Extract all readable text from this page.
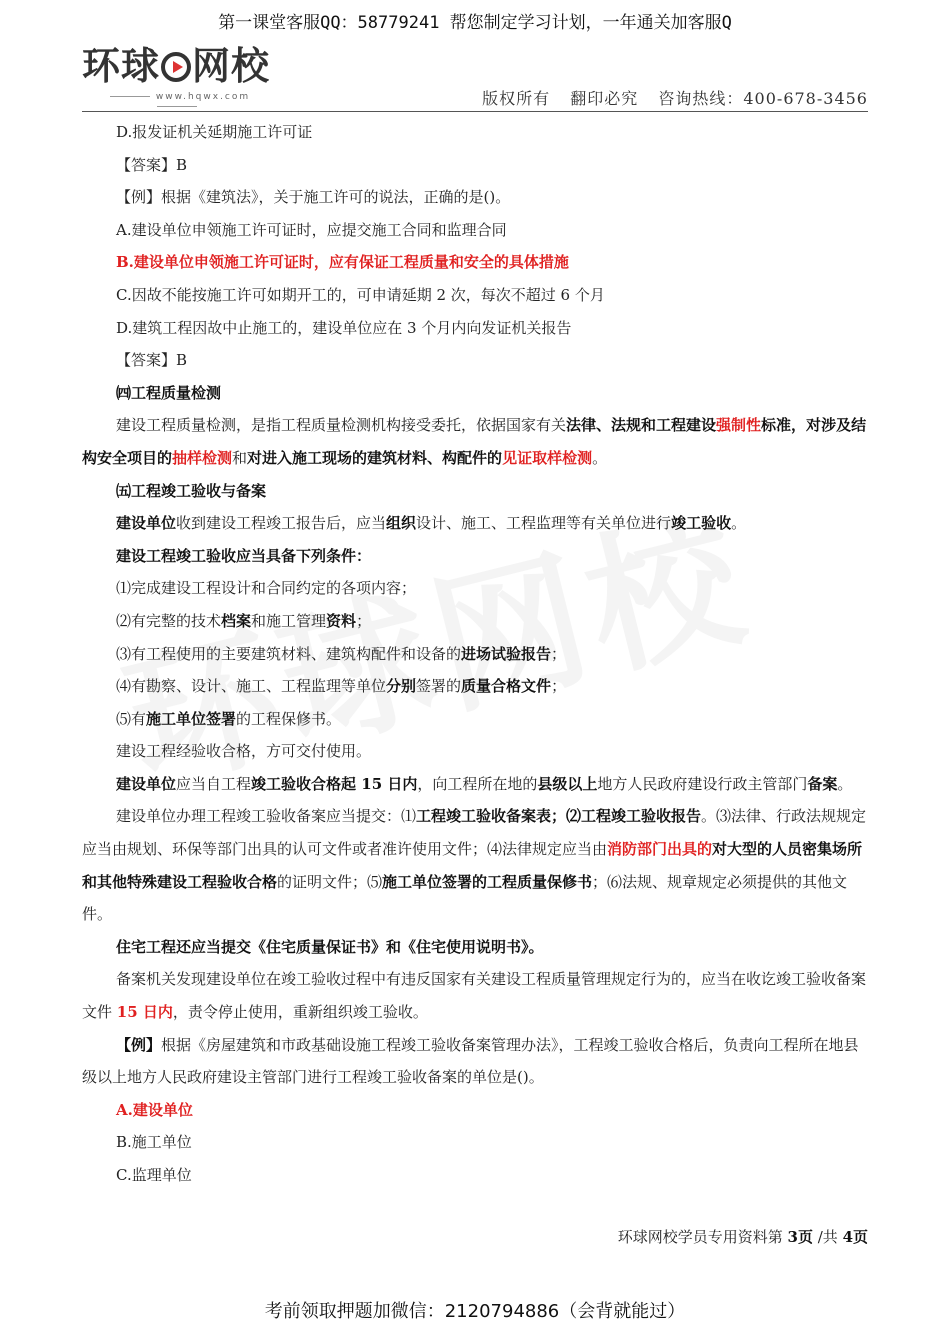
第一课堂客服QQ：58779241 帮您制定学习计划，一年通关加客服Q
环球 网校
www.hqwx.com	版权所有 翻印必究 咨询热线：400-678-3456

D.报发证机关延期施工许可证

【答案】B

【例】根据《建筑法》，关于施工许可的说法，正确的是()。

A.建设单位申领施工许可证时，应提交施工合同和监理合同

B.建设单位申领施工许可证时，应有保证工程质量和安全的具体措施

C.因故不能按施工许可如期开工的，可申请延期 2 次，每次不超过 6 个月

D.建筑工程因故中止施工的，建设单位应在 3 个月内向发证机关报告

【答案】B

㈣工程质量检测

建设工程质量检测，是指工程质量检测机构接受委托，依据国家有关法律、法规和工程建设强制性标准，对涉及结构安全项目的抽样检测和对进入施工现场的建筑材料、构配件的见证取样检测。

㈤工程竣工验收与备案

建设单位收到建设工程竣工报告后，应当组织设计、施工、工程监理等有关单位进行竣工验收。

建设工程竣工验收应当具备下列条件：

⑴完成建设工程设计和合同约定的各项内容；

⑵有完整的技术档案和施工管理资料；

⑶有工程使用的主要建筑材料、建筑构配件和设备的进场试验报告；

⑷有勘察、设计、施工、工程监理等单位分别签署的质量合格文件；

⑸有施工单位签署的工程保修书。

建设工程经验收合格，方可交付使用。

建设单位应当自工程竣工验收合格起 15 日内，向工程所在地的县级以上地方人民政府建设行政主管部门备案。

建设单位办理工程竣工验收备案应当提交：⑴工程竣工验收备案表；⑵工程竣工验收报告。⑶法律、行政法规规定应当由规划、环保等部门出具的认可文件或者准许使用文件；⑷法律规定应当由消防部门出具的对大型的人员密集场所和其他特殊建设工程验收合格的证明文件；⑸施工单位签署的工程质量保修书；⑹法规、规章规定必须提供的其他文件。

住宅工程还应当提交《住宅质量保证书》和《住宅使用说明书》。

备案机关发现建设单位在竣工验收过程中有违反国家有关建设工程质量管理规定行为的，应当在收讫竣工验收备案文件 15 日内，责令停止使用，重新组织竣工验收。

【例】根据《房屋建筑和市政基础设施工程竣工验收备案管理办法》，工程竣工验收合格后，负责向工程所在地县级以上地方人民政府建设主管部门进行工程竣工验收备案的单位是()。

A.建设单位

B.施工单位

C.监理单位

环球网校学员专用资料第 3页 /共 4页
考前领取押题加微信：2120794886（会背就能过）
